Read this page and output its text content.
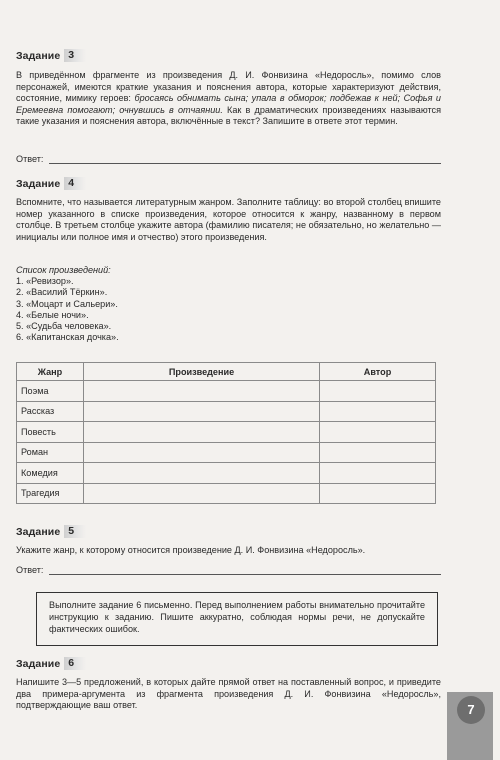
Задание 3
В приведённом фрагменте из произведения Д. И. Фонвизина «Недоросль», помимо слов персонажей, имеются краткие указания и пояснения автора, которые характеризуют действия, состояние, мимику героев: бросаясь обнимать сына; упала в обморок; подбежав к ней; Софья и Еремеевна помогают; очнувшись в отчаянии. Как в драматических произведениях называются такие указания и пояснения автора, включённые в текст? Запишите в ответе этот термин.
Ответ:
Задание 4
Вспомните, что называется литературным жанром. Заполните таблицу: во второй столбец впишите номер указанного в списке произведения, которое относится к жанру, названному в первом столбце. В третьем столбце укажите автора (фамилию писателя; не обязательно, но желательно — инициалы или полное имя и отчество) этого произведения.
Список произведений:
1. «Ревизор».
2. «Василий Тёркин».
3. «Моцарт и Сальери».
4. «Белые ночи».
5. «Судьба человека».
6. «Капитанская дочка».
Жанр	Произведение	Автор
Поэма		
Рассказ		
Повесть		
Роман		
Комедия		
Трагедия		
Задание 5
Укажите жанр, к которому относится произведение Д. И. Фонвизина «Недоросль».
Ответ:
Выполните задание 6 письменно. Перед выполнением работы внимательно прочитайте инструкцию к заданию. Пишите аккуратно, соблюдая нормы речи, не допускайте фактических ошибок.
Задание 6
Напишите 3—5 предложений, в которых дайте прямой ответ на поставленный вопрос, и приведите два примера-аргумента из фрагмента произведения Д. И. Фонвизина «Недоросль», подтверждающие ваш ответ.	7
